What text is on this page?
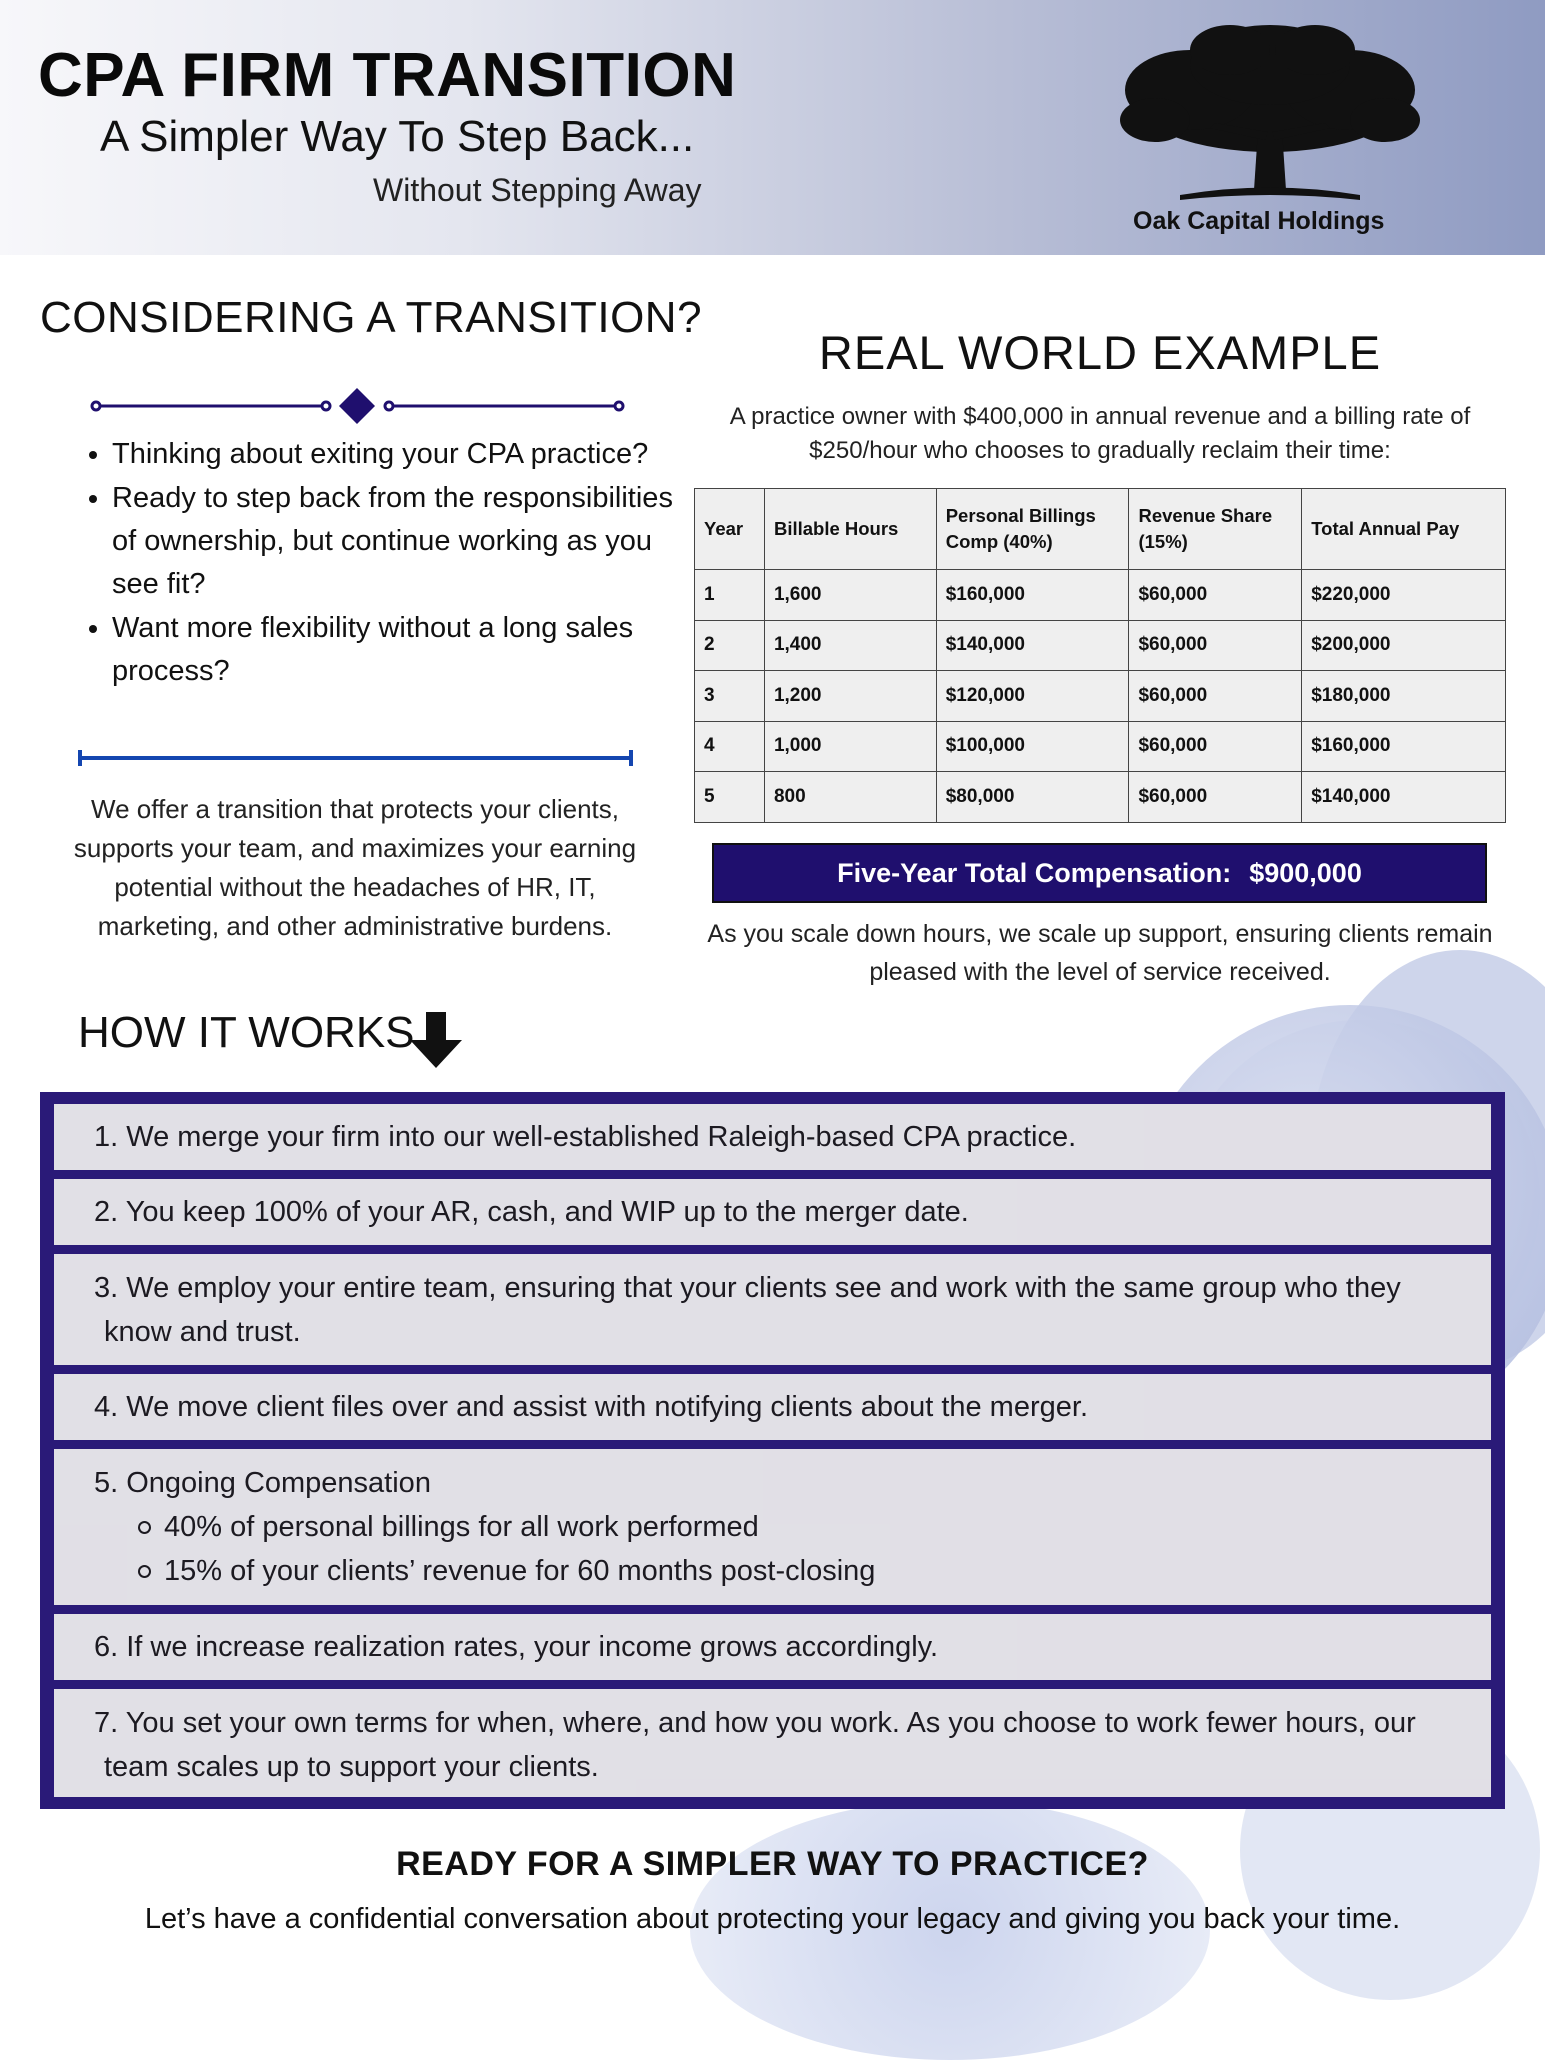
CPA FIRM TRANSITION
A Simpler Way To Step Back...
Without Stepping Away
Oak Capital Holdings
CONSIDERING A TRANSITION?
• Thinking about exiting your CPA practice?
• Ready to step back from the responsibilities of ownership, but continue working as you see fit?
• Want more flexibility without a long sales process?
We offer a transition that protects your clients, supports your team, and maximizes your earning potential without the headaches of HR, IT, marketing, and other administrative burdens.
HOW IT WORKS
REAL WORLD EXAMPLE
A practice owner with $400,000 in annual revenue and a billing rate of $250/hour who chooses to gradually reclaim their time:
Year	Billable Hours	Personal Billings Comp (40%)	Revenue Share (15%)	Total Annual Pay
1	1,600	$160,000	$60,000	$220,000
2	1,400	$140,000	$60,000	$200,000
3	1,200	$120,000	$60,000	$180,000
4	1,000	$100,000	$60,000	$160,000
5	800	$80,000	$60,000	$140,000
Five-Year Total Compensation: $900,000
As you scale down hours, we scale up support, ensuring clients remain pleased with the level of service received.
1. We merge your firm into our well-established Raleigh-based CPA practice.
2. You keep 100% of your AR, cash, and WIP up to the merger date.
3. We employ your entire team, ensuring that your clients see and work with the same group who they know and trust.
4. We move client files over and assist with notifying clients about the merger.
5. Ongoing Compensation
40% of personal billings for all work performed
15% of your clients’ revenue for 60 months post-closing
6. If we increase realization rates, your income grows accordingly.
7. You set your own terms for when, where, and how you work. As you choose to work fewer hours, our team scales up to support your clients.
READY FOR A SIMPLER WAY TO PRACTICE?
Let’s have a confidential conversation about protecting your legacy and giving you back your time.
